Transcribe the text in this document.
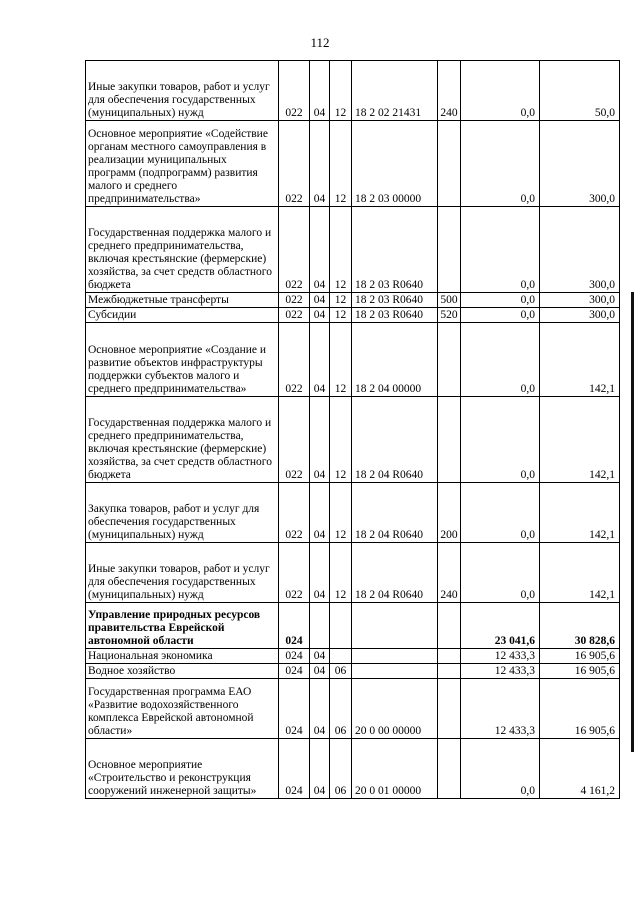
112
Иные закупки товаров, работ и услуг для обеспечения государственных (муниципальных) нужд	022	04	12	18 2 02 21431	240	0,0	50,0
Основное мероприятие «Содействие органам местного самоуправления в реализации муниципальных программ (подпрограмм) развития малого и среднего предпринимательства»	022	04	12	18 2 03 00000		0,0	300,0
Государственная поддержка малого и среднего предпринимательства, включая крестьянские (фермерские) хозяйства, за счет средств областного бюджета	022	04	12	18 2 03 R0640		0,0	300,0
Межбюджетные трансферты	022	04	12	18 2 03 R0640	500	0,0	300,0
Субсидии	022	04	12	18 2 03 R0640	520	0,0	300,0
Основное мероприятие «Создание и развитие объектов инфраструктуры поддержки субъектов малого и среднего предпринимательства»	022	04	12	18 2 04 00000		0,0	142,1
Государственная поддержка малого и среднего предпринимательства, включая крестьянские (фермерские) хозяйства, за счет средств областного бюджета	022	04	12	18 2 04 R0640		0,0	142,1
Закупка товаров, работ и услуг для обеспечения государственных (муниципальных) нужд	022	04	12	18 2 04 R0640	200	0,0	142,1
Иные закупки товаров, работ и услуг для обеспечения государственных (муниципальных) нужд	022	04	12	18 2 04 R0640	240	0,0	142,1
Управление природных ресурсов правительства Еврейской автономной области	024					23 041,6	30 828,6
Национальная экономика	024	04				12 433,3	16 905,6
Водное хозяйство	024	04	06			12 433,3	16 905,6
Государственная программа ЕАО «Развитие водохозяйственного комплекса Еврейской автономной области»	024	04	06	20 0 00 00000		12 433,3	16 905,6
Основное мероприятие «Строительство и реконструкция сооружений инженерной защиты»	024	04	06	20 0 01 00000		0,0	4 161,2
